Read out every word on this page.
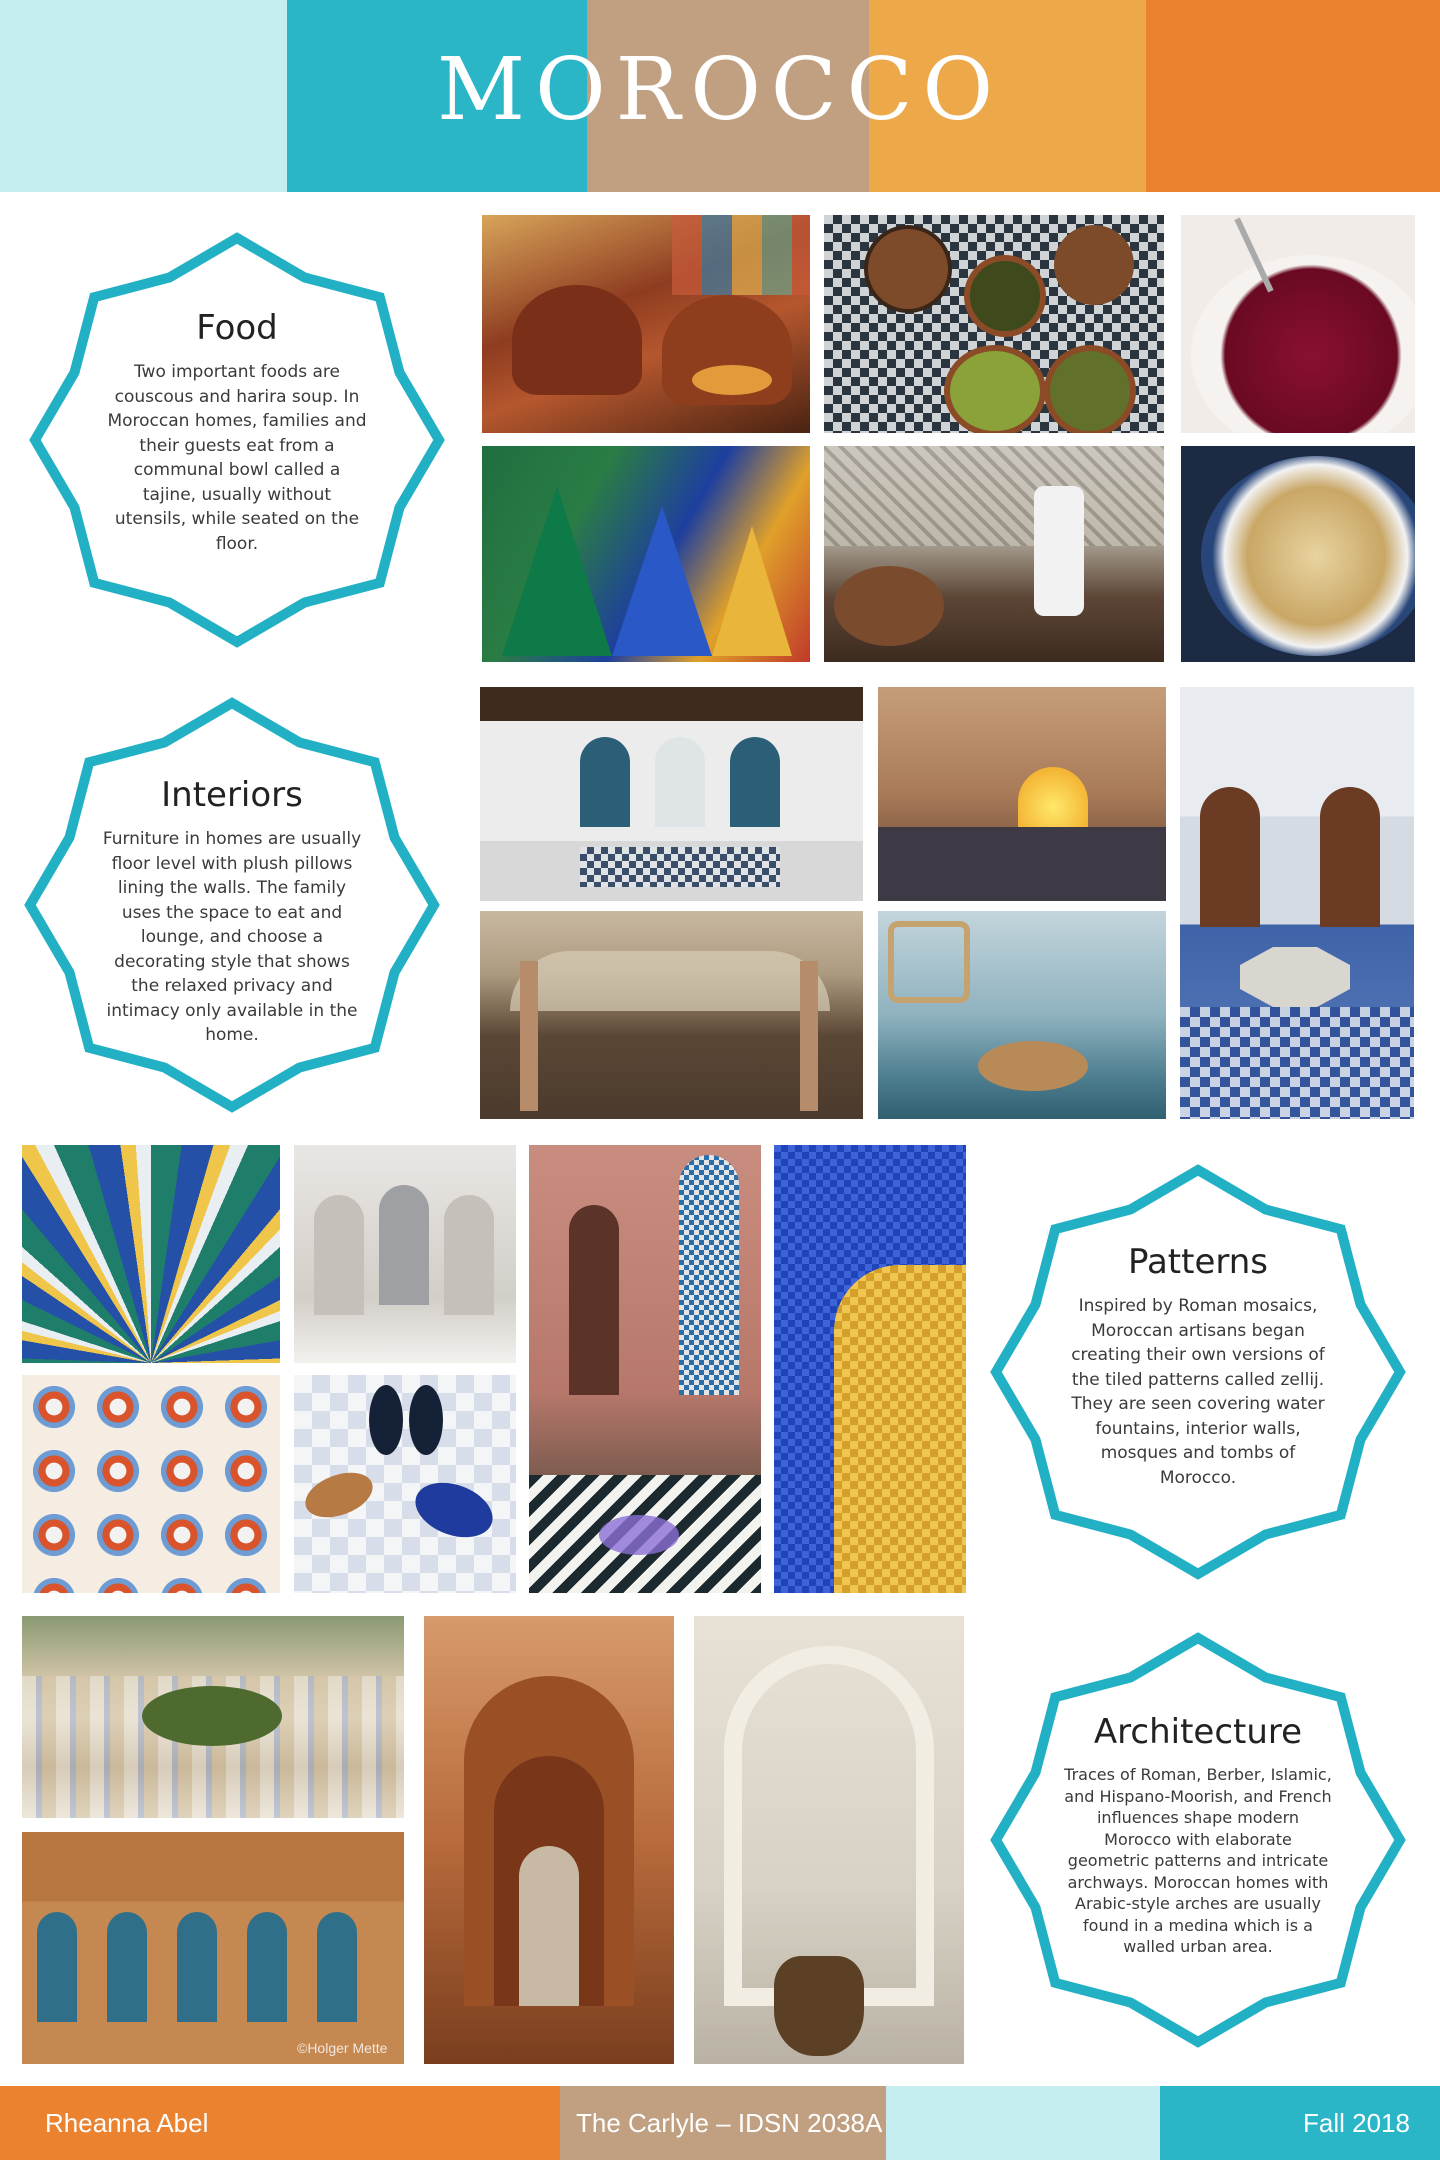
MOROCCO
Food

Two important foods are couscous and harira soup. In Moroccan homes, families and their guests eat from a communal bowl called a tajine, usually without utensils, while seated on the floor.

Interiors

Furniture in homes are usually floor level with plush pillows lining the walls. The family uses the space to eat and lounge, and choose a decorating style that shows the relaxed privacy and intimacy only available in the home.

Patterns

Inspired by Roman mosaics, Moroccan artisans began creating their own versions of the tiled patterns called zellij. They are seen covering water fountains, interior walls, mosques and tombs of Morocco.

Architecture

Traces of Roman, Berber, Islamic, and Hispano-Moorish, and French influences shape modern Morocco with elaborate geometric patterns and intricate archways. Moroccan homes with Arabic-style arches are usually found in a medina which is a walled urban area.

©Holger Mette
Rheanna Abel	The Carlyle – IDSN 2038A	Fall 2018
